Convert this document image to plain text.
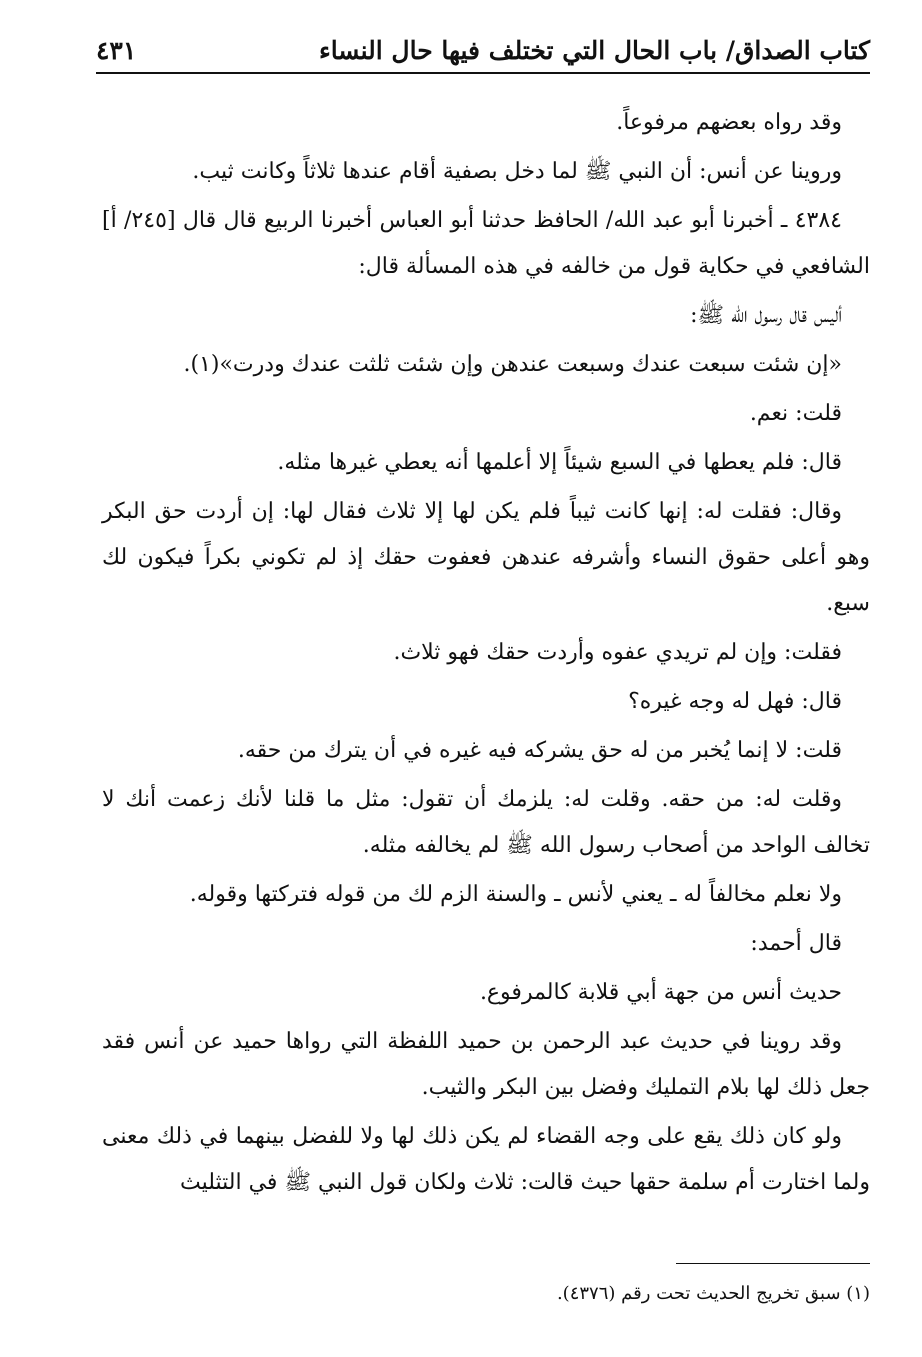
كتاب الصداق/ باب الحال التي تختلف فيها حال النساء
٤٣١

وقد رواه بعضهم مرفوعاً.

وروينا عن أنس: أن النبي ﷺ لما دخل بصفية أقام عندها ثلاثاً وكانت ثيب.

٤٣٨٤ ـ أخبرنا أبو عبد الله/ الحافظ حدثنا أبو العباس أخبرنا الربيع قال قال [٢٤٥/ أ] الشافعي في حكاية قول من خالفه في هذه المسألة قال:

أليس قال رسول الله ﷺ:

«إن شئت سبعت عندك وسبعت عندهن وإن شئت ثلثت عندك ودرت»(١).

قلت: نعم.

قال: فلم يعطها في السبع شيئاً إلا أعلمها أنه يعطي غيرها مثله.

وقال: فقلت له: إنها كانت ثيباً فلم يكن لها إلا ثلاث فقال لها: إن أردت حق البكر وهو أعلى حقوق النساء وأشرفه عندهن فعفوت حقك إذ لم تكوني بكراً فيكون لك سبع.

فقلت: وإن لم تريدي عفوه وأردت حقك فهو ثلاث.

قال: فهل له وجه غيره؟

قلت: لا إنما يُخبر من له حق يشركه فيه غيره في أن يترك من حقه.

وقلت له: من حقه. وقلت له: يلزمك أن تقول: مثل ما قلنا لأنك زعمت أنك لا تخالف الواحد من أصحاب رسول الله ﷺ لم يخالفه مثله.

ولا نعلم مخالفاً له ـ يعني لأنس ـ والسنة الزم لك من قوله فتركتها وقوله.

قال أحمد:

حديث أنس من جهة أبي قلابة كالمرفوع.

وقد روينا في حديث عبد الرحمن بن حميد اللفظة التي رواها حميد عن أنس فقد جعل ذلك لها بلام التمليك وفضل بين البكر والثيب.

ولو كان ذلك يقع على وجه القضاء لم يكن ذلك لها ولا للفضل بينهما في ذلك معنى ولما اختارت أم سلمة حقها حيث قالت: ثلاث ولكان قول النبي ﷺ في التثليث

(١) سبق تخريج الحديث تحت رقم (٤٣٧٦).
